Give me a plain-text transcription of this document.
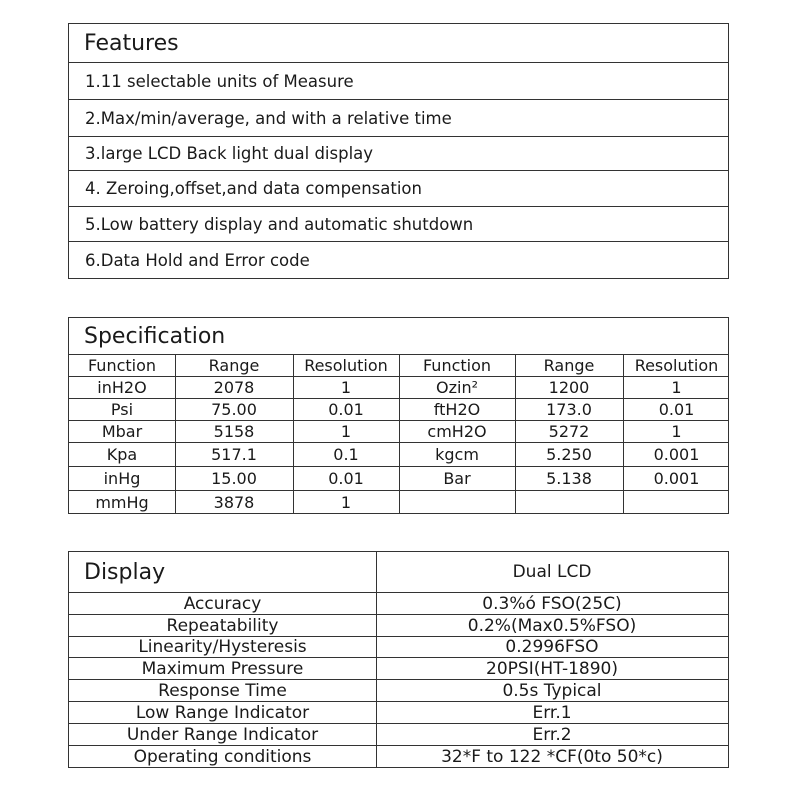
Features
1.11 selectable units of Measure
2.Max/min/average, and with a relative time
3.large LCD Back light dual display
4. Zeroing,offset,and data compensation
5.Low battery display and automatic shutdown
6.Data Hold and Error code
Specification
Function	Range	Resolution	Function	Range	Resolution
inH2O	2078	1	Ozin²	1200	1
Psi	75.00	0.01	ftH2O	173.0	0.01
Mbar	5158	1	cmH2O	5272	1
Kpa	517.1	0.1	kgcm	5.250	0.001
inHg	15.00	0.01	Bar	5.138	0.001
mmHg	3878	1
Display	Dual LCD
Accuracy	0.3%ó FSO(25C)
Repeatability	0.2%(Max0.5%FSO)
Linearity/Hysteresis	0.2996FSO
Maximum Pressure	20PSI(HT-1890)
Response Time	0.5s Typical
Low Range Indicator	Err.1
Under Range Indicator	Err.2
Operating conditions	32*F to 122 *CF(0to 50*c)
